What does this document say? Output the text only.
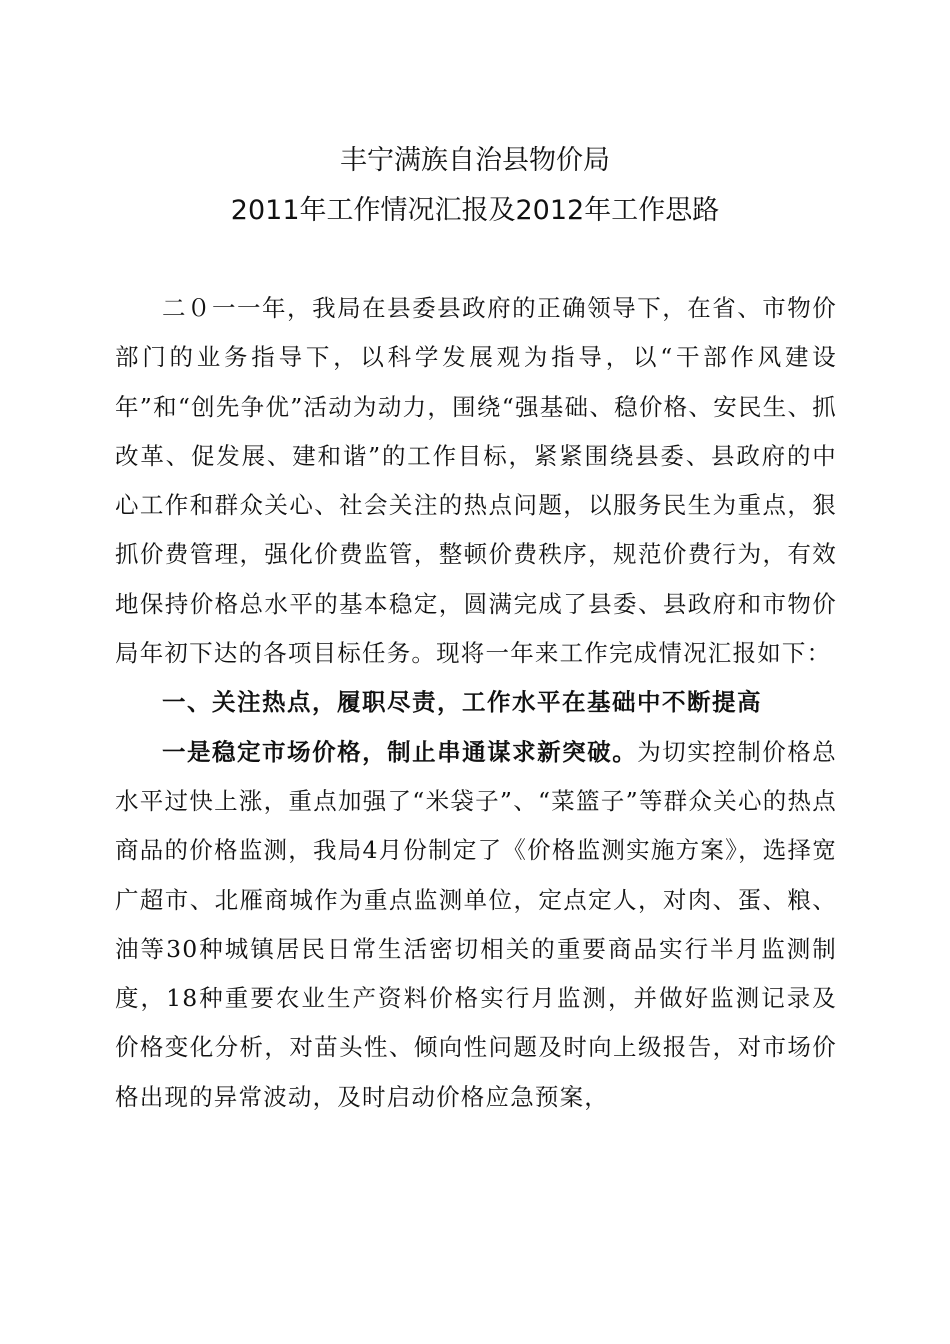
丰宁满族自治县物价局
2011年工作情况汇报及2012年工作思路

二０一一年，我局在县委县政府的正确领导下，在省、市物价部门的业务指导下，以科学发展观为指导，以“干部作风建设年”和“创先争优”活动为动力，围绕“强基础、稳价格、安民生、抓改革、促发展、建和谐”的工作目标，紧紧围绕县委、县政府的中心工作和群众关心、社会关注的热点问题，以服务民生为重点，狠抓价费管理，强化价费监管，整顿价费秩序，规范价费行为，有效地保持价格总水平的基本稳定，圆满完成了县委、县政府和市物价局年初下达的各项目标任务。现将一年来工作完成情况汇报如下：

一、关注热点，履职尽责，工作水平在基础中不断提高

一是稳定市场价格，制止串通谋求新突破。为切实控制价格总水平过快上涨，重点加强了“米袋子”、“菜篮子”等群众关心的热点商品的价格监测，我局4月份制定了《价格监测实施方案》，选择宽广超市、北雁商城作为重点监测单位，定点定人，对肉、蛋、粮、油等30种城镇居民日常生活密切相关的重要商品实行半月监测制度，18种重要农业生产资料价格实行月监测，并做好监测记录及价格变化分析，对苗头性、倾向性问题及时向上级报告，对市场价格出现的异常波动，及时启动价格应急预案，
